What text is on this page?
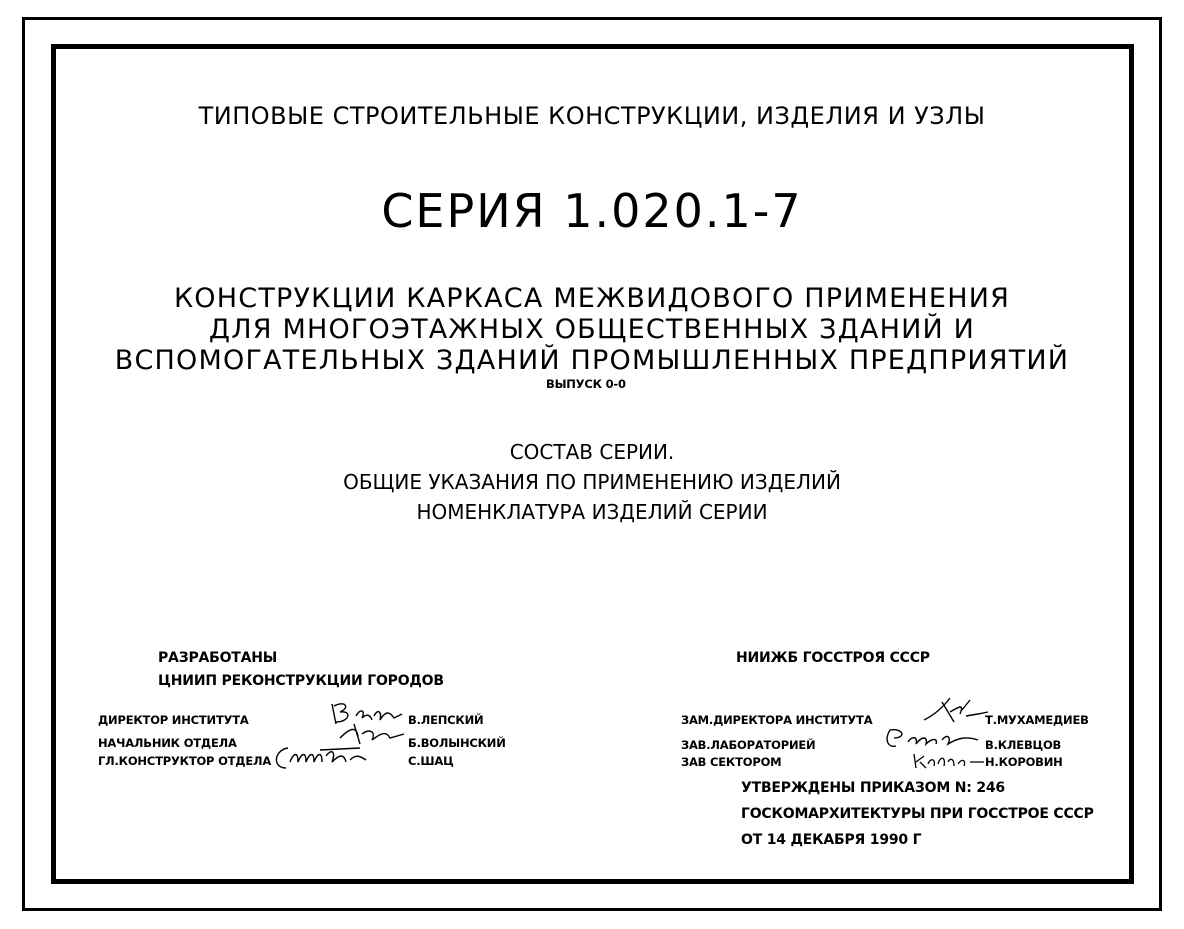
ТИПОВЫЕ СТРОИТЕЛЬНЫЕ КОНСТРУКЦИИ, ИЗДЕЛИЯ И УЗЛЫ
СЕРИЯ 1.020.1-7
КОНСТРУКЦИИ КАРКАСА МЕЖВИДОВОГО ПРИМЕНЕНИЯ
ДЛЯ МНОГОЭТАЖНЫХ ОБЩЕСТВЕННЫХ ЗДАНИЙ И
ВСПОМОГАТЕЛЬНЫХ ЗДАНИЙ ПРОМЫШЛЕННЫХ ПРЕДПРИЯТИЙ
ВЫПУСК 0-0
СОСТАВ СЕРИИ.
ОБЩИЕ УКАЗАНИЯ ПО ПРИМЕНЕНИЮ ИЗДЕЛИЙ
НОМЕНКЛАТУРА ИЗДЕЛИЙ СЕРИИ
РАЗРАБОТАНЫ
ЦНИИП РЕКОНСТРУКЦИИ ГОРОДОВ
ДИРЕКТОР ИНСТИТУТА
НАЧАЛЬНИК ОТДЕЛА
ГЛ.КОНСТРУКТОР ОТДЕЛА
В.ЛЕПСКИЙ
Б.ВОЛЫНСКИЙ
С.ШАЦ
НИИЖБ ГОССТРОЯ СССР
ЗАМ.ДИРЕКТОРА ИНСТИТУТА
ЗАВ.ЛАБОРАТОРИЕЙ
ЗАВ СЕКТОРОМ
Т.МУХАМЕДИЕВ
В.КЛЕВЦОВ
Н.КОРОВИН
УТВЕРЖДЕНЫ ПРИКАЗОМ N: 246
ГОСКОМАРХИТЕКТУРЫ ПРИ ГОССТРОЕ СССР
ОТ 14 ДЕКАБРЯ 1990 Г
